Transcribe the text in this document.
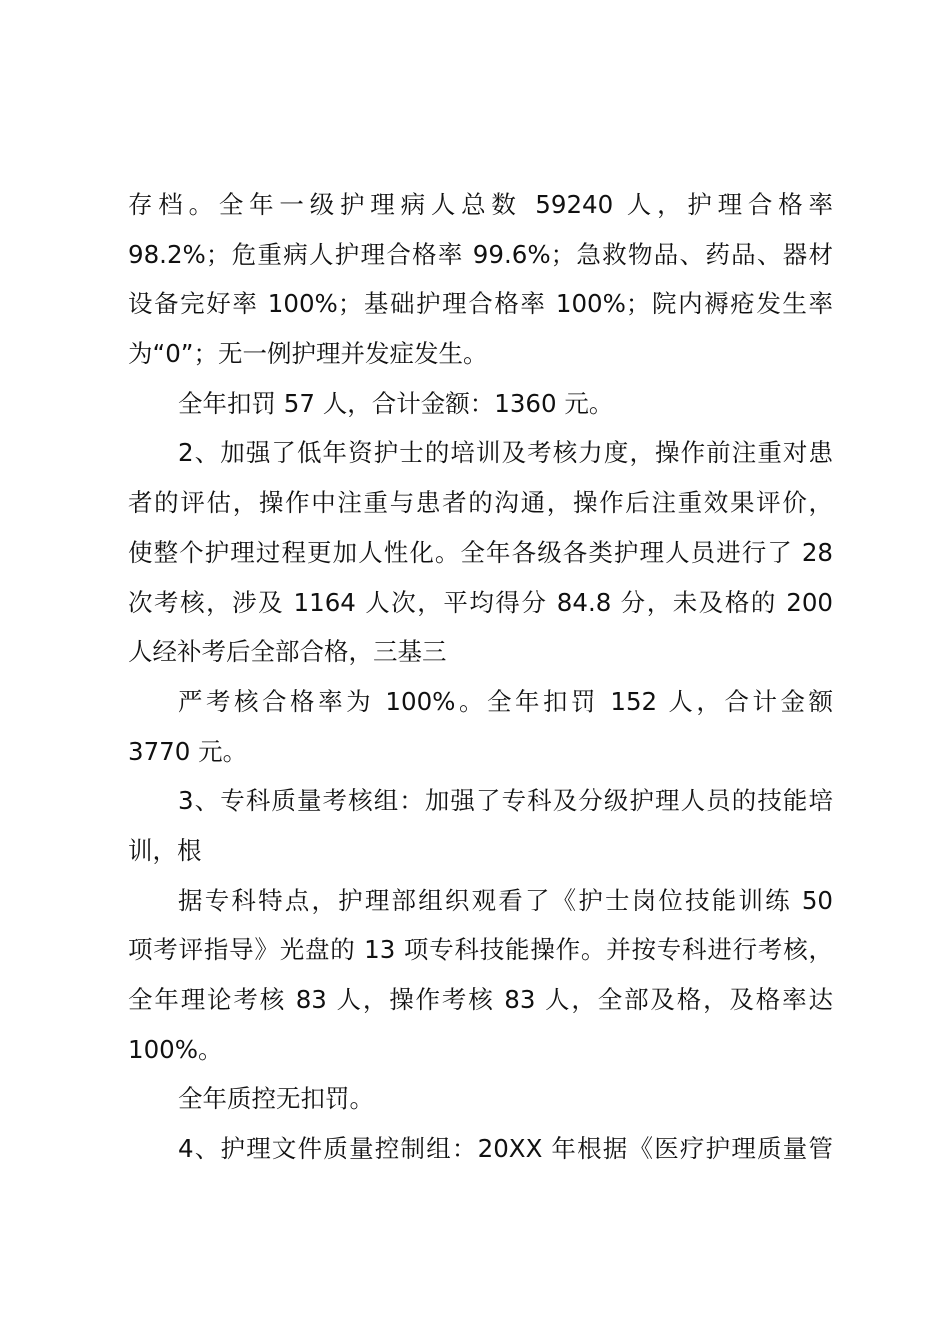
存档。全年一级护理病人总数 59240 人，护理合格率
98.2%；危重病人护理合格率 99.6%；急救物品、药品、器材
设备完好率 100%；基础护理合格率 100%；院内褥疮发生率
为“0”；无一例护理并发症发生。
全年扣罚 57 人，合计金额：1360 元。
2、加强了低年资护士的培训及考核力度，操作前注重对患
者的评估，操作中注重与患者的沟通，操作后注重效果评价，
使整个护理过程更加人性化。全年各级各类护理人员进行了 28
次考核，涉及 1164 人次，平均得分 84.8 分，未及格的 200
人经补考后全部合格，三基三
严考核合格率为 100%。全年扣罚 152 人，合计金额
3770 元。
3、专科质量考核组：加强了专科及分级护理人员的技能培
训，根
据专科特点，护理部组织观看了《护士岗位技能训练 50
项考评指导》光盘的 13 项专科技能操作。并按专科进行考核，
全年理论考核 83 人，操作考核 83 人，全部及格，及格率达
100%。
全年质控无扣罚。
4、护理文件质量控制组：20XX 年根据《医疗护理质量管
